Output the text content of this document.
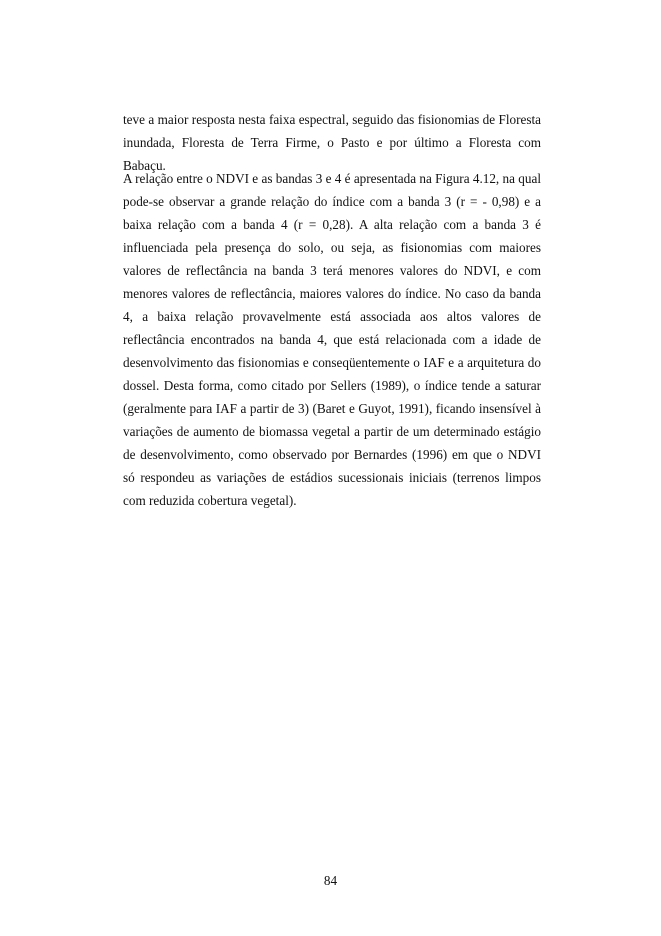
teve a maior resposta nesta faixa espectral, seguido das fisionomias de Floresta inundada, Floresta de Terra Firme, o Pasto e por último a Floresta com Babaçu.

A relação entre o NDVI e as bandas 3 e 4 é apresentada na Figura 4.12, na qual pode-se observar a grande relação do índice com a banda 3 (r = - 0,98) e a baixa relação com a banda 4 (r = 0,28). A alta relação com a banda 3 é influenciada pela presença do solo, ou seja, as fisionomias com maiores valores de reflectância na banda 3 terá menores valores do NDVI, e com menores valores de reflectância, maiores valores do índice. No caso da banda 4, a baixa relação provavelmente está associada aos altos valores de reflectância encontrados na banda 4, que está relacionada com a idade de desenvolvimento das fisionomias e conseqüentemente o IAF e a arquitetura do dossel. Desta forma, como citado por Sellers (1989), o índice tende a saturar (geralmente para IAF a partir de 3) (Baret e Guyot, 1991), ficando insensível à variações de aumento de biomassa vegetal a partir de um determinado estágio de desenvolvimento, como observado por Bernardes (1996) em que o NDVI só respondeu as variações de estádios sucessionais iniciais (terrenos limpos com reduzida cobertura vegetal).

84
